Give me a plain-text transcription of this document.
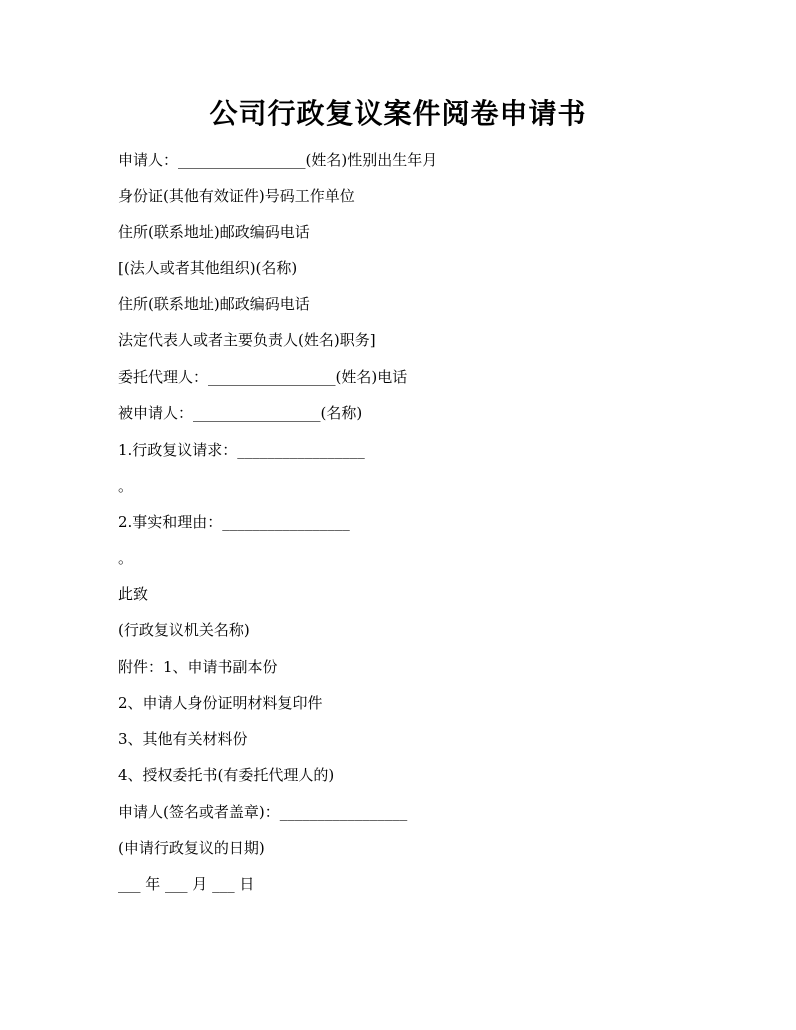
公司行政复议案件阅卷申请书
申请人：_________________(姓名)性别出生年月
身份证(其他有效证件)号码工作单位
住所(联系地址)邮政编码电话
[(法人或者其他组织)(名称)
住所(联系地址)邮政编码电话
法定代表人或者主要负责人(姓名)职务]
委托代理人：_________________(姓名)电话
被申请人：_________________(名称)
1.行政复议请求：_________________
。
2.事实和理由：_________________
。
此致
(行政复议机关名称)
附件：1、申请书副本份
2、申请人身份证明材料复印件
3、其他有关材料份
4、授权委托书(有委托代理人的)
申请人(签名或者盖章)：_________________
(申请行政复议的日期)
___ 年 ___ 月 ___ 日
